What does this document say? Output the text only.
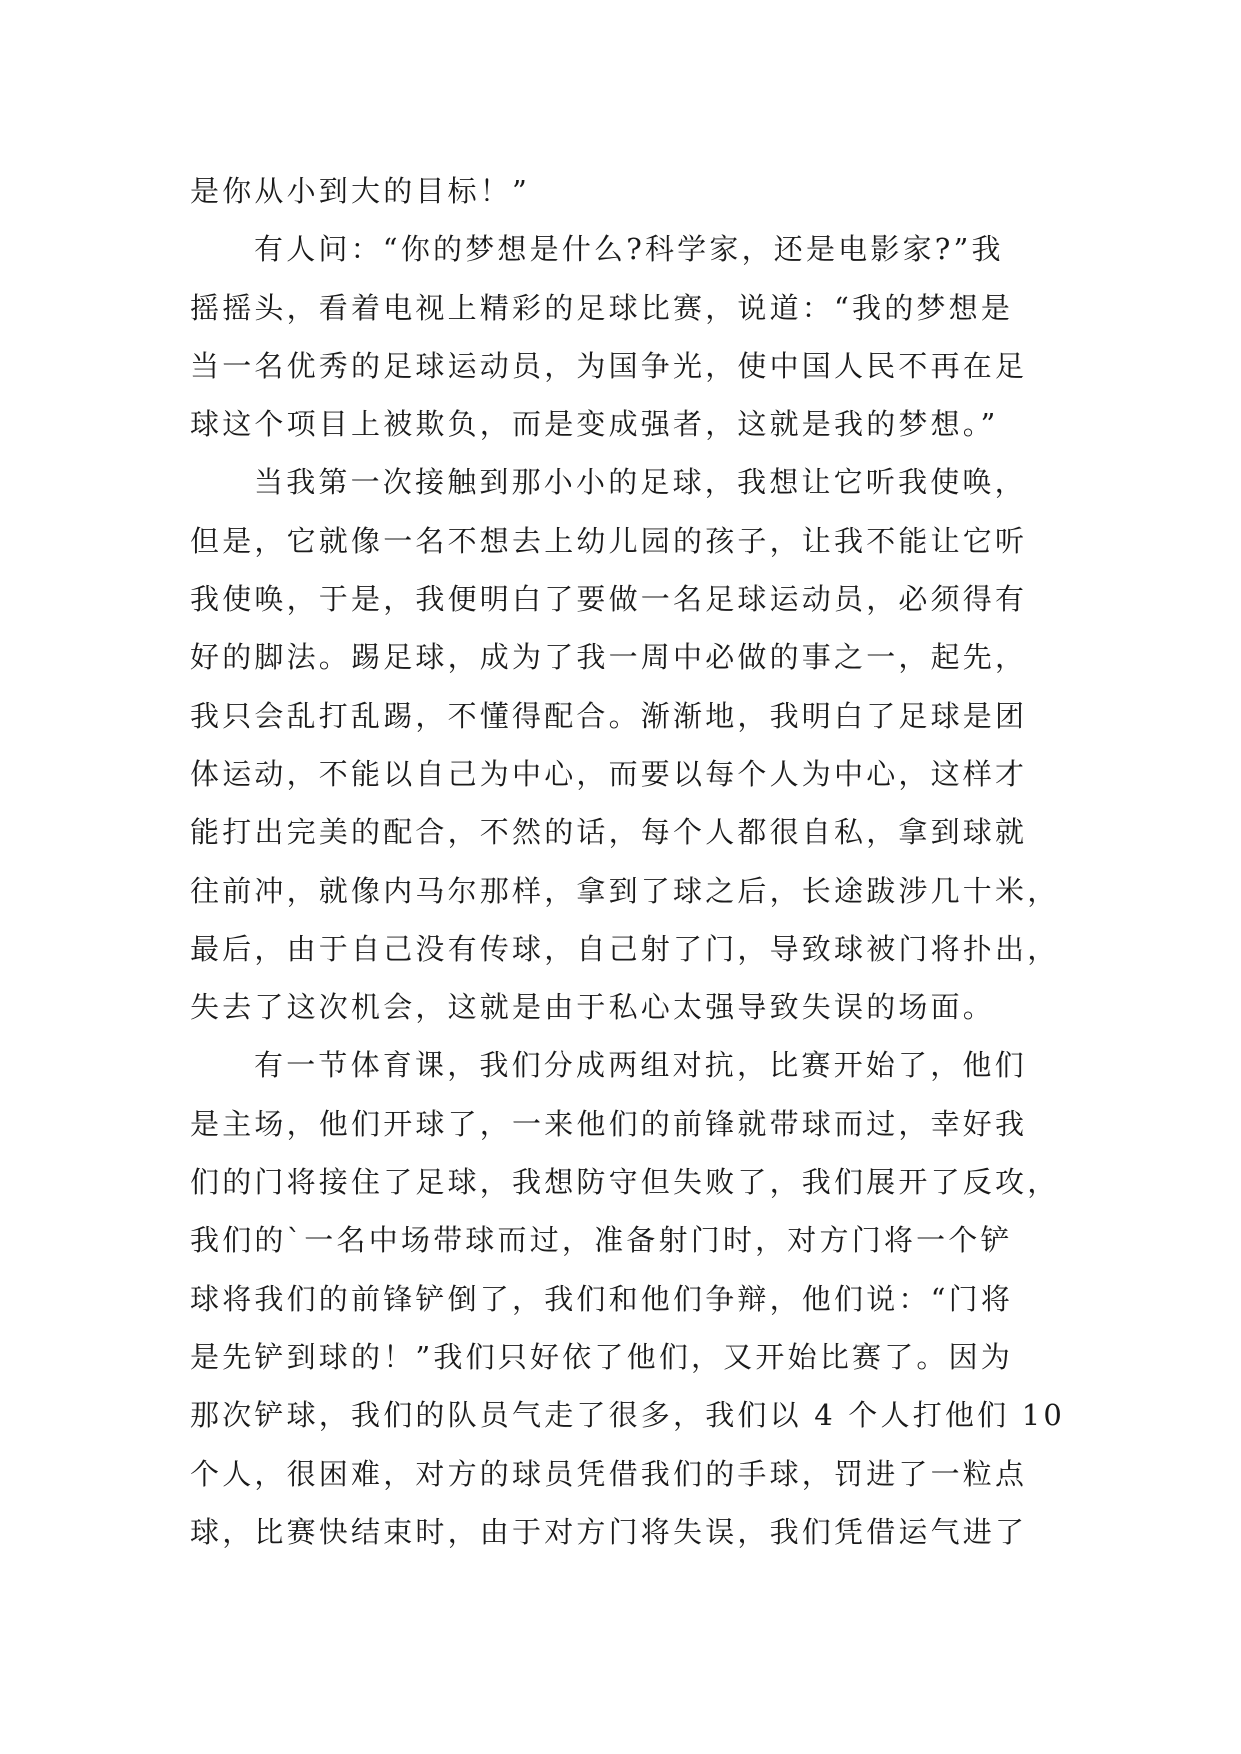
是你从小到大的目标！”
有人问：“你的梦想是什么?科学家，还是电影家?”我
摇摇头，看着电视上精彩的足球比赛，说道：“我的梦想是
当一名优秀的足球运动员，为国争光，使中国人民不再在足
球这个项目上被欺负，而是变成强者，这就是我的梦想。”
当我第一次接触到那小小的足球，我想让它听我使唤，
但是，它就像一名不想去上幼儿园的孩子，让我不能让它听
我使唤，于是，我便明白了要做一名足球运动员，必须得有
好的脚法。踢足球，成为了我一周中必做的事之一，起先，
我只会乱打乱踢，不懂得配合。渐渐地，我明白了足球是团
体运动，不能以自己为中心，而要以每个人为中心，这样才
能打出完美的配合，不然的话，每个人都很自私，拿到球就
往前冲，就像内马尔那样，拿到了球之后，长途跋涉几十米，
最后，由于自己没有传球，自己射了门，导致球被门将扑出，
失去了这次机会，这就是由于私心太强导致失误的场面。
有一节体育课，我们分成两组对抗，比赛开始了，他们
是主场，他们开球了，一来他们的前锋就带球而过，幸好我
们的门将接住了足球，我想防守但失败了，我们展开了反攻，
我们的`一名中场带球而过，准备射门时，对方门将一个铲
球将我们的前锋铲倒了，我们和他们争辩，他们说：“门将
是先铲到球的！”我们只好依了他们，又开始比赛了。因为
那次铲球，我们的队员气走了很多，我们以 4 个人打他们 10
个人，很困难，对方的球员凭借我们的手球，罚进了一粒点
球，比赛快结束时，由于对方门将失误，我们凭借运气进了
